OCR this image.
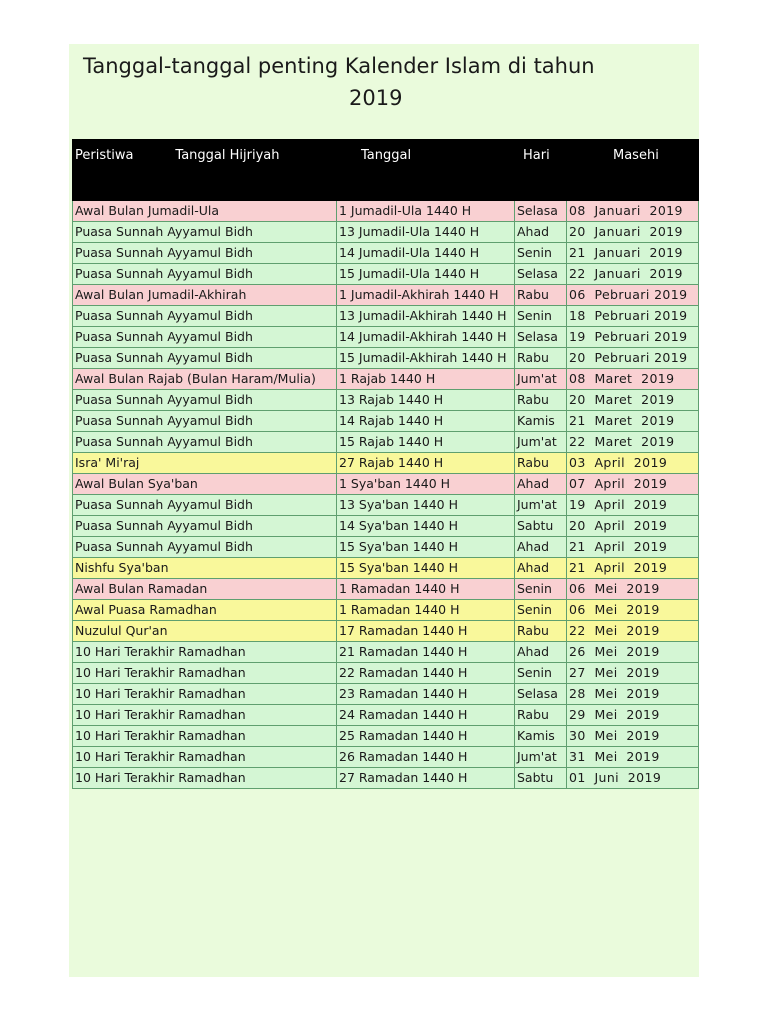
Tanggal-tanggal penting Kalender Islam di tahun
2019
Peristiwa Tanggal Hijriyah	Tanggal	Hari	Masehi
Awal Bulan Jumadil-Ula	1 Jumadil-Ula 1440 H	Selasa	08  Januari  2019
Puasa Sunnah Ayyamul Bidh	13 Jumadil-Ula 1440 H	Ahad	20  Januari  2019
Puasa Sunnah Ayyamul Bidh	14 Jumadil-Ula 1440 H	Senin	21  Januari  2019
Puasa Sunnah Ayyamul Bidh	15 Jumadil-Ula 1440 H	Selasa	22  Januari  2019
Awal Bulan Jumadil-Akhirah	1 Jumadil-Akhirah 1440 H	Rabu	06  Pebruari 2019
Puasa Sunnah Ayyamul Bidh	13 Jumadil-Akhirah 1440 H	Senin	18  Pebruari 2019
Puasa Sunnah Ayyamul Bidh	14 Jumadil-Akhirah 1440 H	Selasa	19  Pebruari 2019
Puasa Sunnah Ayyamul Bidh	15 Jumadil-Akhirah 1440 H	Rabu	20  Pebruari 2019
Awal Bulan Rajab (Bulan Haram/Mulia)	1 Rajab 1440 H	Jum'at	08  Maret  2019
Puasa Sunnah Ayyamul Bidh	13 Rajab 1440 H	Rabu	20  Maret  2019
Puasa Sunnah Ayyamul Bidh	14 Rajab 1440 H	Kamis	21  Maret  2019
Puasa Sunnah Ayyamul Bidh	15 Rajab 1440 H	Jum'at	22  Maret  2019
Isra' Mi'raj	27 Rajab 1440 H	Rabu	03  April  2019
Awal Bulan Sya'ban	1 Sya'ban 1440 H	Ahad	07  April  2019
Puasa Sunnah Ayyamul Bidh	13 Sya'ban 1440 H	Jum'at	19  April  2019
Puasa Sunnah Ayyamul Bidh	14 Sya'ban 1440 H	Sabtu	20  April  2019
Puasa Sunnah Ayyamul Bidh	15 Sya'ban 1440 H	Ahad	21  April  2019
Nishfu Sya'ban	15 Sya'ban 1440 H	Ahad	21  April  2019
Awal Bulan Ramadan	1 Ramadan 1440 H	Senin	06  Mei  2019
Awal Puasa Ramadhan	1 Ramadan 1440 H	Senin	06  Mei  2019
Nuzulul Qur'an	17 Ramadan 1440 H	Rabu	22  Mei  2019
10 Hari Terakhir Ramadhan	21 Ramadan 1440 H	Ahad	26  Mei  2019
10 Hari Terakhir Ramadhan	22 Ramadan 1440 H	Senin	27  Mei  2019
10 Hari Terakhir Ramadhan	23 Ramadan 1440 H	Selasa	28  Mei  2019
10 Hari Terakhir Ramadhan	24 Ramadan 1440 H	Rabu	29  Mei  2019
10 Hari Terakhir Ramadhan	25 Ramadan 1440 H	Kamis	30  Mei  2019
10 Hari Terakhir Ramadhan	26 Ramadan 1440 H	Jum'at	31  Mei  2019
10 Hari Terakhir Ramadhan	27 Ramadan 1440 H	Sabtu	01  Juni  2019
